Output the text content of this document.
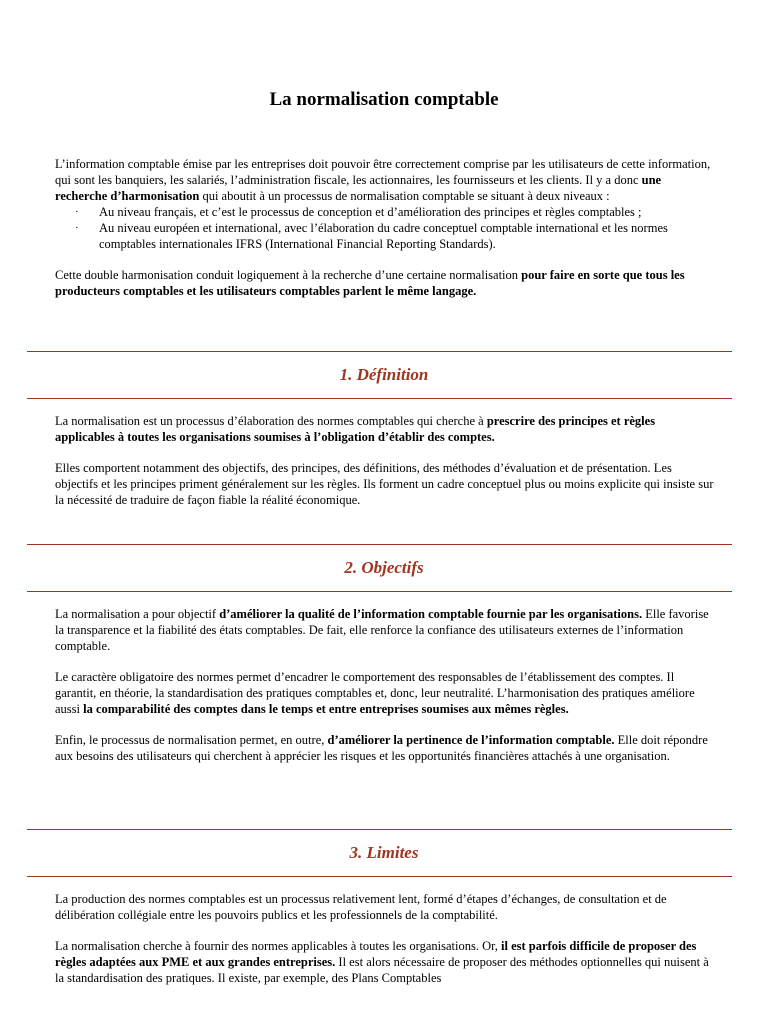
La normalisation comptable

L’information comptable émise par les entreprises doit pouvoir être correctement comprise par les utilisateurs de cette information, qui sont les banquiers, les salariés, l’administration fiscale, les actionnaires, les fournisseurs et les clients. Il y a donc une recherche d’harmonisation qui aboutit à un processus de normalisation comptable se situant à deux niveaux :

· Au niveau français, et c’est le processus de conception et d’amélioration des principes et règles comptables ;
· Au niveau européen et international, avec l’élaboration du cadre conceptuel comptable international et les normes comptables internationales IFRS (International Financial Reporting Standards).

Cette double harmonisation conduit logiquement à la recherche d’une certaine normalisation pour faire en sorte que tous les producteurs comptables et les utilisateurs comptables parlent le même langage.

1. Définition

La normalisation est un processus d’élaboration des normes comptables qui cherche à prescrire des principes et règles applicables à toutes les organisations soumises à l’obligation d’établir des comptes.

Elles comportent notamment des objectifs, des principes, des définitions, des méthodes d’évaluation et de présentation. Les objectifs et les principes priment généralement sur les règles. Ils forment un cadre conceptuel plus ou moins explicite qui insiste sur la nécessité de traduire de façon fiable la réalité économique.

2. Objectifs

La normalisation a pour objectif d’améliorer la qualité de l’information comptable fournie par les organisations. Elle favorise la transparence et la fiabilité des états comptables. De fait, elle renforce la confiance des utilisateurs externes de l’information comptable.

Le caractère obligatoire des normes permet d’encadrer le comportement des responsables de l’établissement des comptes. Il garantit, en théorie, la standardisation des pratiques comptables et, donc, leur neutralité. L’harmonisation des pratiques améliore aussi la comparabilité des comptes dans le temps et entre entreprises soumises aux mêmes règles.

Enfin, le processus de normalisation permet, en outre, d’améliorer la pertinence de l’information comptable. Elle doit répondre aux besoins des utilisateurs qui cherchent à apprécier les risques et les opportunités financières attachés à une organisation.

3. Limites

La production des normes comptables est un processus relativement lent, formé d’étapes d’échanges, de consultation et de délibération collégiale entre les pouvoirs publics et les professionnels de la comptabilité.

La normalisation cherche à fournir des normes applicables à toutes les organisations. Or, il est parfois difficile de proposer des règles adaptées aux PME et aux grandes entreprises. Il est alors nécessaire de proposer des méthodes optionnelles qui nuisent à la standardisation des pratiques. Il existe, par exemple, des Plans Comptables
